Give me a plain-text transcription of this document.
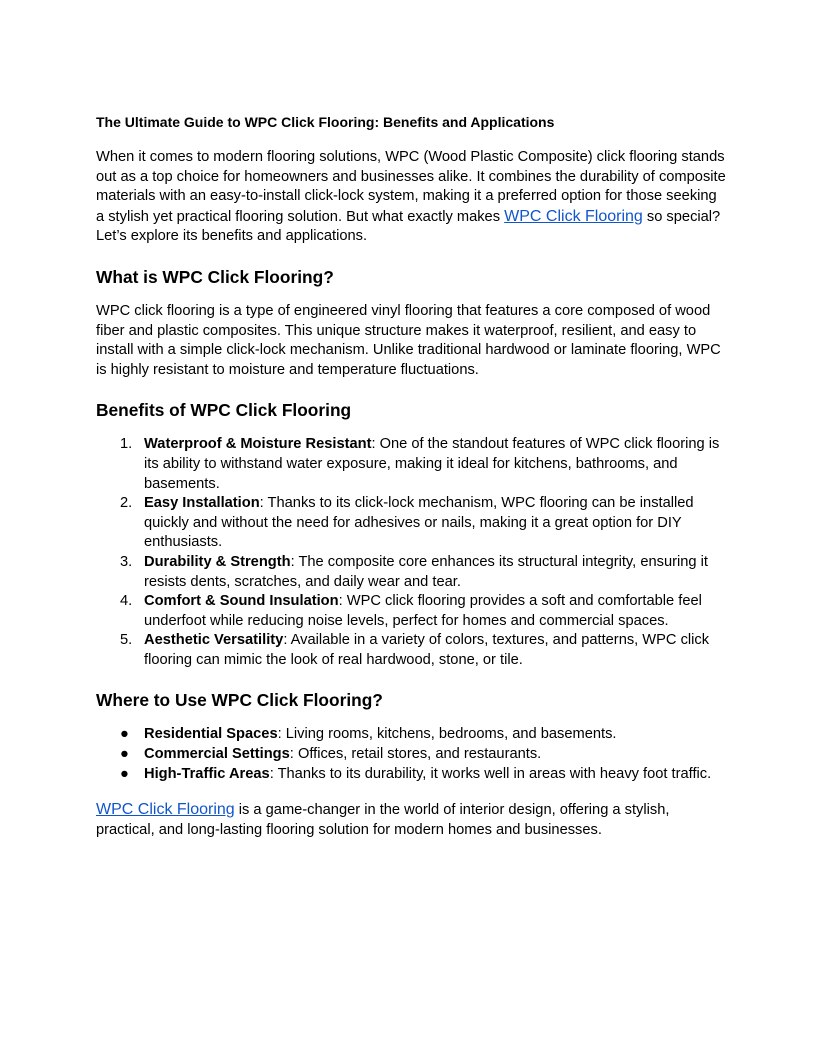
The Ultimate Guide to WPC Click Flooring: Benefits and Applications

When it comes to modern flooring solutions, WPC (Wood Plastic Composite) click flooring stands out as a top choice for homeowners and businesses alike. It combines the durability of composite materials with an easy-to-install click-lock system, making it a preferred option for those seeking a stylish yet practical flooring solution. But what exactly makes WPC Click Flooring so special? Let’s explore its benefits and applications.

What is WPC Click Flooring?

WPC click flooring is a type of engineered vinyl flooring that features a core composed of wood fiber and plastic composites. This unique structure makes it waterproof, resilient, and easy to install with a simple click-lock mechanism. Unlike traditional hardwood or laminate flooring, WPC is highly resistant to moisture and temperature fluctuations.

Benefits of WPC Click Flooring
1. Waterproof & Moisture Resistant: One of the standout features of WPC click flooring is its ability to withstand water exposure, making it ideal for kitchens, bathrooms, and basements.
2. Easy Installation: Thanks to its click-lock mechanism, WPC flooring can be installed quickly and without the need for adhesives or nails, making it a great option for DIY enthusiasts.
3. Durability & Strength: The composite core enhances its structural integrity, ensuring it resists dents, scratches, and daily wear and tear.
4. Comfort & Sound Insulation: WPC click flooring provides a soft and comfortable feel underfoot while reducing noise levels, perfect for homes and commercial spaces.
5. Aesthetic Versatility: Available in a variety of colors, textures, and patterns, WPC click flooring can mimic the look of real hardwood, stone, or tile.
Where to Use WPC Click Flooring?
● Residential Spaces: Living rooms, kitchens, bedrooms, and basements.
● Commercial Settings: Offices, retail stores, and restaurants.
● High-Traffic Areas: Thanks to its durability, it works well in areas with heavy foot traffic.

WPC Click Flooring is a game-changer in the world of interior design, offering a stylish, practical, and long-lasting flooring solution for modern homes and businesses.
